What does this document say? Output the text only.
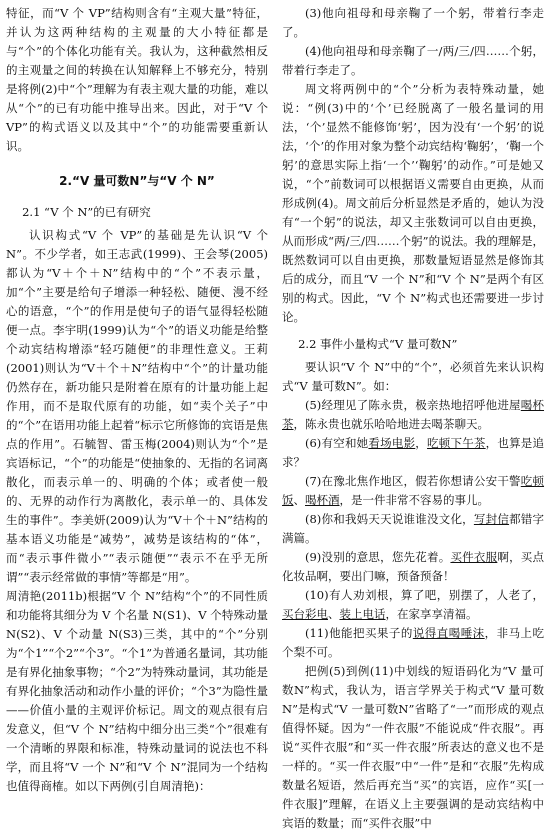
特征，而“V 个 VP”结构则含有“主观大量”特征，并认为这两种结构的主观量的大小特征都是与“个”的个体化功能有关。我认为，这种截然相反的主观量之间的转换在认知解释上不够充分，特别是将例(2)中“个”理解为有表主观大量的功能，难以从“个”的已有功能中推导出来。因此，对于“V 个 VP”的构式语义以及其中“个”的功能需要重新认识。

2.“V 量可数N”与“V 个 N”
2.1 “V 个 N”的已有研究

认识构式“V 个 VP”的基础是先认识“V 个 N”。不少学者，如王志武(1999)、王会琴(2005)都认为“V＋个＋N”结构中的“个”不表示量，加“个”主要是给句子增添一种轻松、随便、漫不经心的语意，“个”的作用是使句子的语气显得轻松随便一点。李宇明(1999)认为“个”的语义功能是给整个动宾结构增添“轻巧随便”的非理性意义。王莉(2001)则认为“V＋个＋N”结构中“个”的计量功能仍然存在，新功能只是附着在原有的计量功能上起作用，而不是取代原有的功能，如“卖个关子”中的“个”在语用功能上起着“标示它所修饰的宾语是焦点的作用”。石毓智、雷玉梅(2004)则认为“个”是宾语标记，“个”的功能是“使抽象的、无指的名词离散化，而表示单一的、明确的个体；或者使一般的、无界的动作行为离散化，表示单一的、具体发生的事件”。李美妍(2009)认为“V＋个＋N”结构的基本语义功能是“减势”，减势是该结构的“体”，而“表示事件微小”“表示随便”“表示不在乎无所谓”“表示经常做的事情”等都是“用”。

周清艳(2011b)根据“V 个 N”结构“个”的不同性质和功能将其细分为 V 个名量 N(S1)、V 个特殊动量 N(S2)、V 个动量 N(S3)三类，其中的“个”分别为“个1”“个2”“个3”。“个1”为普通名量词，其功能是有界化抽象事物；“个2”为特殊动量词，其功能是有界化抽象活动和动作小量的评价；“个3”为隐性量——价值小量的主观评价标记。周文的观点很有启发意义，但“V 个 N”结构中细分出三类“个”很难有一个清晰的界限和标准，特殊动量词的说法也不科学，而且将“V 一个 N”和“V 个 N”混同为一个结构也值得商榷。如以下两例(引自周清艳)：

(3)他向祖母和母亲鞠了一个躬，带着行李走了。

(4)他向祖母和母亲鞠了一/两/三/四……个躬，带着行李走了。

周文将两例中的“个”分析为表特殊动量，她说：“例(3)中的‘个’已经脱离了一般名量词的用法，‘个’显然不能修饰‘躬’，因为没有‘一个躬’的说法，‘个’的作用对象为整个动宾结构‘鞠躬’，‘鞠一个躬’的意思实际上指‘一个’‘鞠躬’的动作。”可是她又说，“个”前数词可以根据语义需要自由更换，从而形成例(4)。周文前后分析显然是矛盾的，她认为没有“一个躬”的说法，却又主张数词可以自由更换，从而形成“两/三/四……个躬”的说法。我的理解是，既然数词可以自由更换，那数量短语显然是修饰其后的成分，而且“V 一个 N”和“V 个 N”是两个有区别的构式。因此，“V 个 N”构式也还需要进一步讨论。

2.2 事件小量构式“V 量可数N”

要认识“V 个 N”中的“个”，必须首先来认识构式“V 量可数N”。如：

(5)经理见了陈永贵，极亲热地招呼他进屋喝杯茶，陈永贵也就乐哈哈地进去喝茶聊天。

(6)有空和她看场电影，吃顿下午茶，也算是追求？

(7)在豫北焦作地区，假若你想请公安干警吃顿饭、喝杯酒，是一件非常不容易的事儿。

(8)你和我妈天天说谁谁没文化，写封信都错字满篇。

(9)没别的意思，您先花着。买件衣服啊，买点化妆品啊，要出门嘛，预备预备！

(10)有人劝刘根，算了吧，别摆了，人老了，买台彩电、装上电话，在家享享清福。

(11)他能把买果子的说得直喝唾沫，非马上吃个梨不可。

把例(5)到例(11)中划线的短语码化为“V 量可数N”构式，我认为，语言学界关于构式“V 量可数N”是构式“V 一量可数N”省略了“一”而形成的观点值得怀疑。因为“一件衣服”不能说成“件衣服”。再说“买件衣服”和“买一件衣服”所表达的意义也不是一样的。“买一件衣服”中“一件”是和“衣服”先构成数量名短语，然后再充当“买”的宾语，应作“买[一件衣服]”理解，在语义上主要强调的是动宾结构中宾语的数量；而“买件衣服”中
